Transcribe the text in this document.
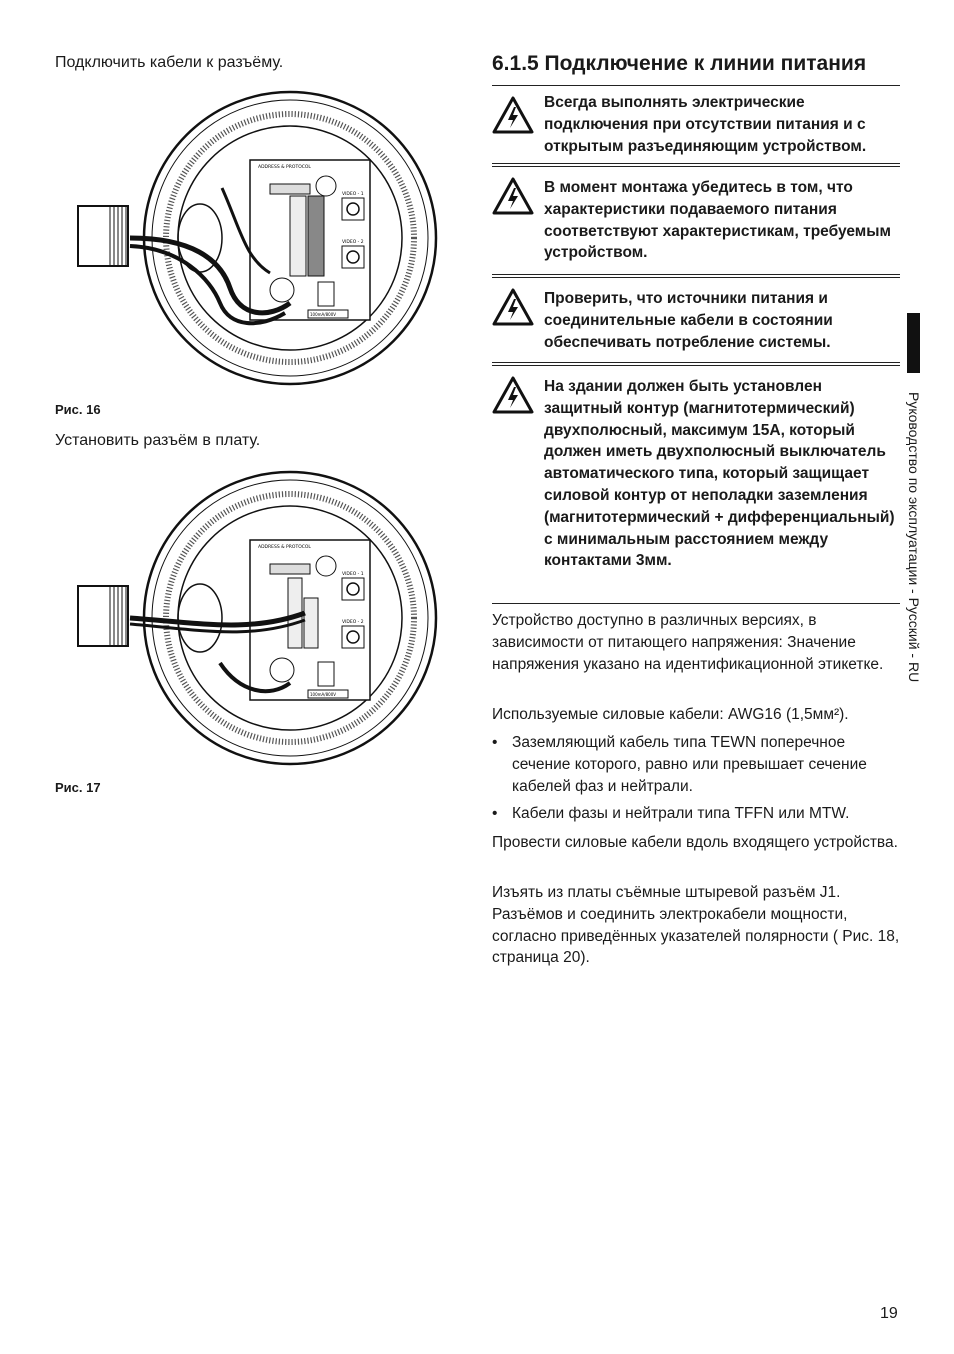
Подключить кабели к разъёму.
ADDRESS & PROTOCOL
VIDEO - 1
VIDEO - 2
100mA/800V
Рис. 16
Установить разъём в плату.
ADDRESS & PROTOCOL
VIDEO - 1
VIDEO - 2
100mA/800V
Рис. 17
6.1.5 Подключение к линии питания
Всегда выполнять электрические подключения при отсутствии питания и с открытым разъединяющим устройством.
В момент монтажа убедитесь в том, что характеристики подаваемого питания соответствуют характеристикам, требуемым устройством.
Проверить, что источники питания и соединительные кабели в состоянии обеспечивать потребление системы.
На здании должен быть установлен защитный контур (магнитотермический) двухполюсный, максимум 15А, который должен иметь двухполюсный выключатель автоматического типа, который защищает силовой контур от неполадки заземления (магнитотермический + дифференциальный) с минимальным расстоянием между контактами 3мм.
Устройство доступно в различных версиях, в зависимости от питающего напряжения: Значение напряжения указано на идентификационной этикетке.
Используемые силовые кабели: AWG16 (1,5мм²).
• Заземляющий кабель типа TEWN поперечное сечение которого, равно или превышает сечение кабелей фаз и нейтрали.
• Кабели фазы и нейтрали типа TFFN или MTW.
Провести силовые кабели вдоль входящего устройства.
Изъять из платы съёмные штыревой разъём J1. Разъёмов и соединить электрокабели мощности, согласно приведённых указателей полярности ( Рис. 18, страница 20).
Руководство по эксплуатации - Русский - RU
19
